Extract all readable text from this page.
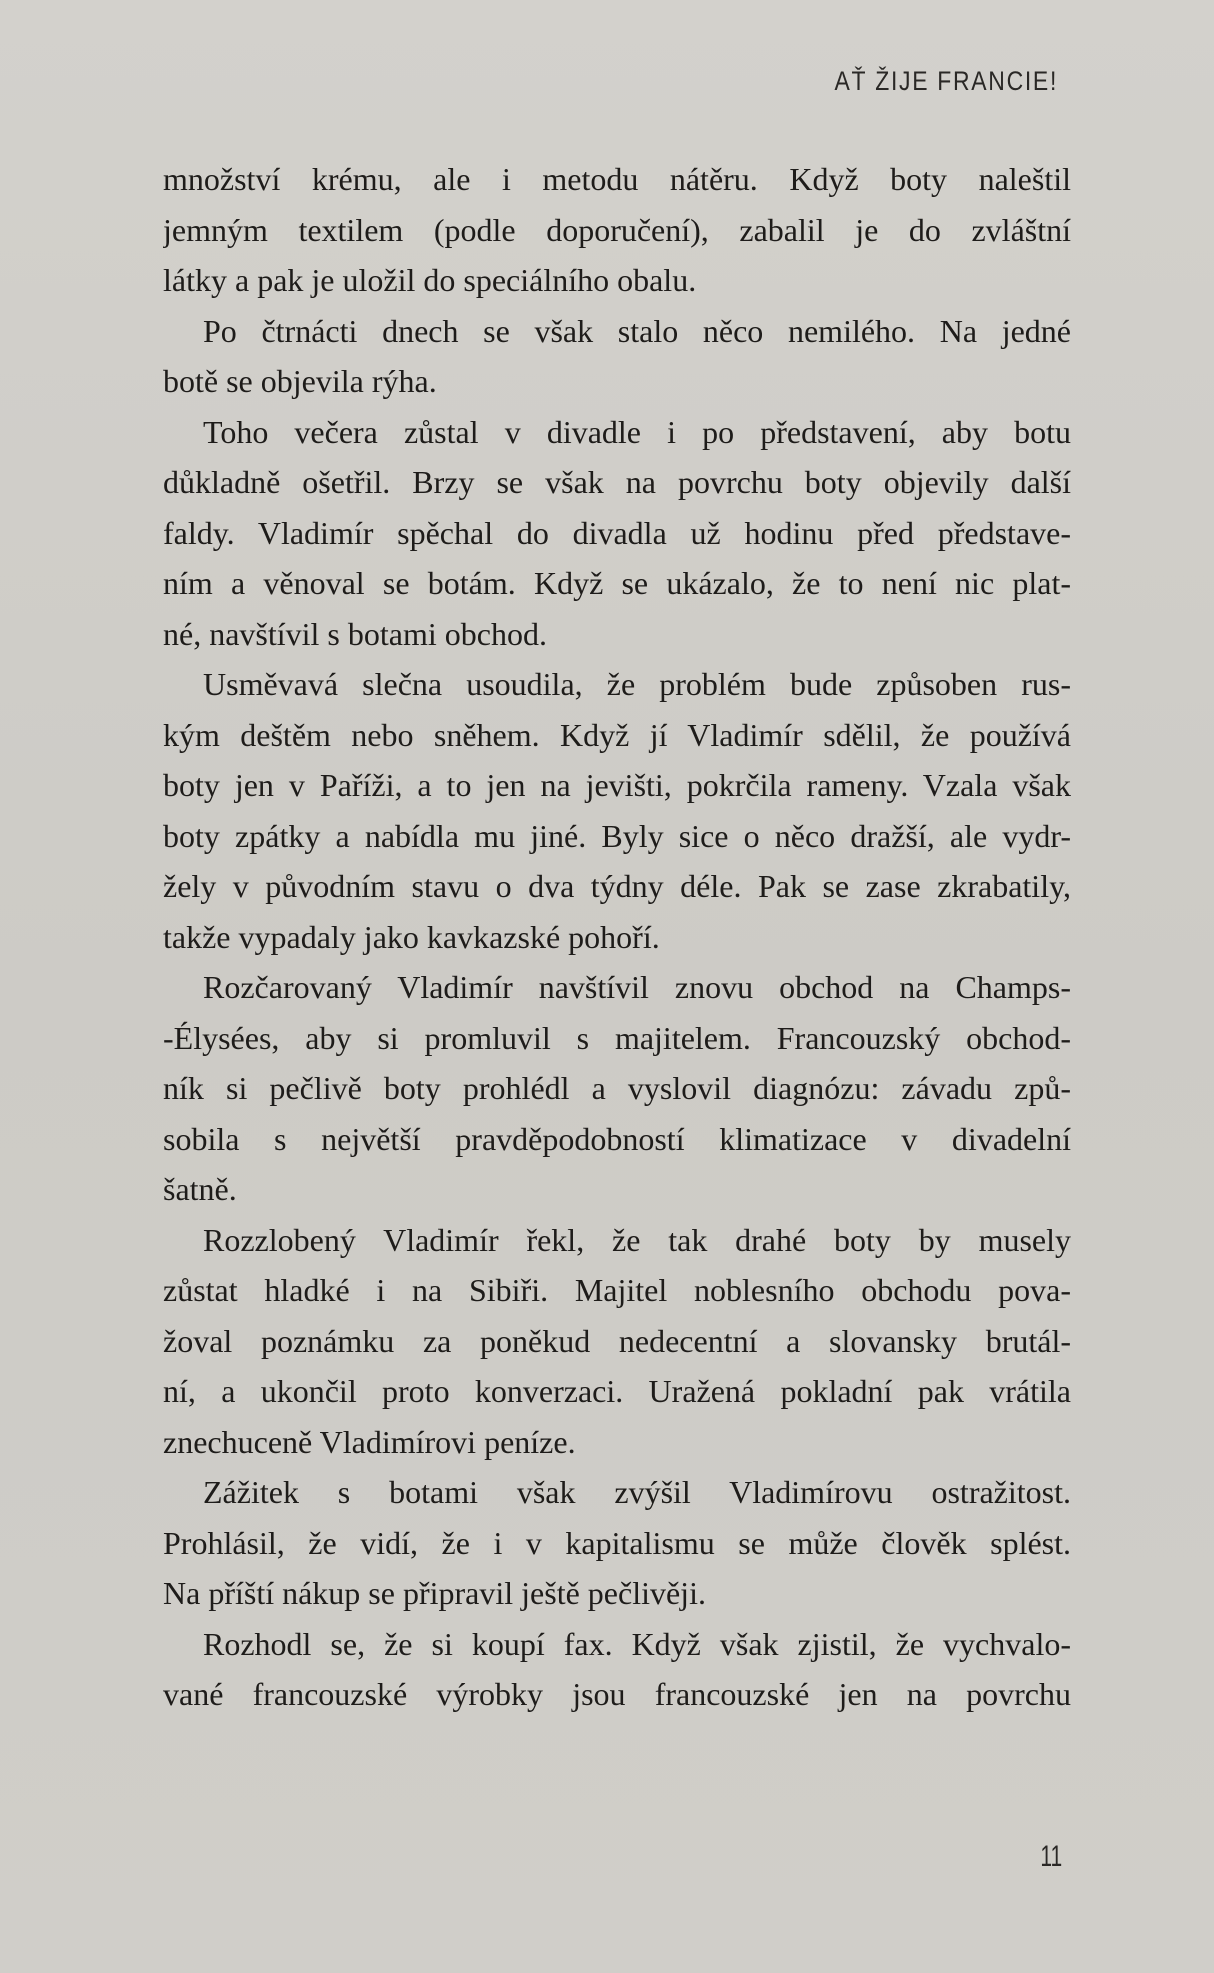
AŤ ŽIJE FRANCIE!
množství krému, ale i metodu nátěru. Když boty naleštil
jemným textilem (podle doporučení), zabalil je do zvláštní
látky a pak je uložil do speciálního obalu.
Po čtrnácti dnech se však stalo něco nemilého. Na jedné
botě se objevila rýha.
Toho večera zůstal v divadle i po představení, aby botu
důkladně ošetřil. Brzy se však na povrchu boty objevily další
faldy. Vladimír spěchal do divadla už hodinu před představe-
ním a věnoval se botám. Když se ukázalo, že to není nic plat-
né, navštívil s botami obchod.
Usměvavá slečna usoudila, že problém bude způsoben rus-
kým deštěm nebo sněhem. Když jí Vladimír sdělil, že používá
boty jen v Paříži, a to jen na jevišti, pokrčila rameny. Vzala však
boty zpátky a nabídla mu jiné. Byly sice o něco dražší, ale vydr-
žely v původním stavu o dva týdny déle. Pak se zase zkrabatily,
takže vypadaly jako kavkazské pohoří.
Rozčarovaný Vladimír navštívil znovu obchod na Champs-
-Élysées, aby si promluvil s majitelem. Francouzský obchod-
ník si pečlivě boty prohlédl a vyslovil diagnózu: závadu způ-
sobila s největší pravděpodobností klimatizace v divadelní
šatně.
Rozzlobený Vladimír řekl, že tak drahé boty by musely
zůstat hladké i na Sibiři. Majitel noblesního obchodu pova-
žoval poznámku za poněkud nedecentní a slovansky brutál-
ní, a ukončil proto konverzaci. Uražená pokladní pak vrátila
znechuceně Vladimírovi peníze.
Zážitek s botami však zvýšil Vladimírovu ostražitost.
Prohlásil, že vidí, že i v kapitalismu se může člověk splést.
Na příští nákup se připravil ještě pečlivěji.
Rozhodl se, že si koupí fax. Když však zjistil, že vychvalo-
vané francouzské výrobky jsou francouzské jen na povrchu
11
